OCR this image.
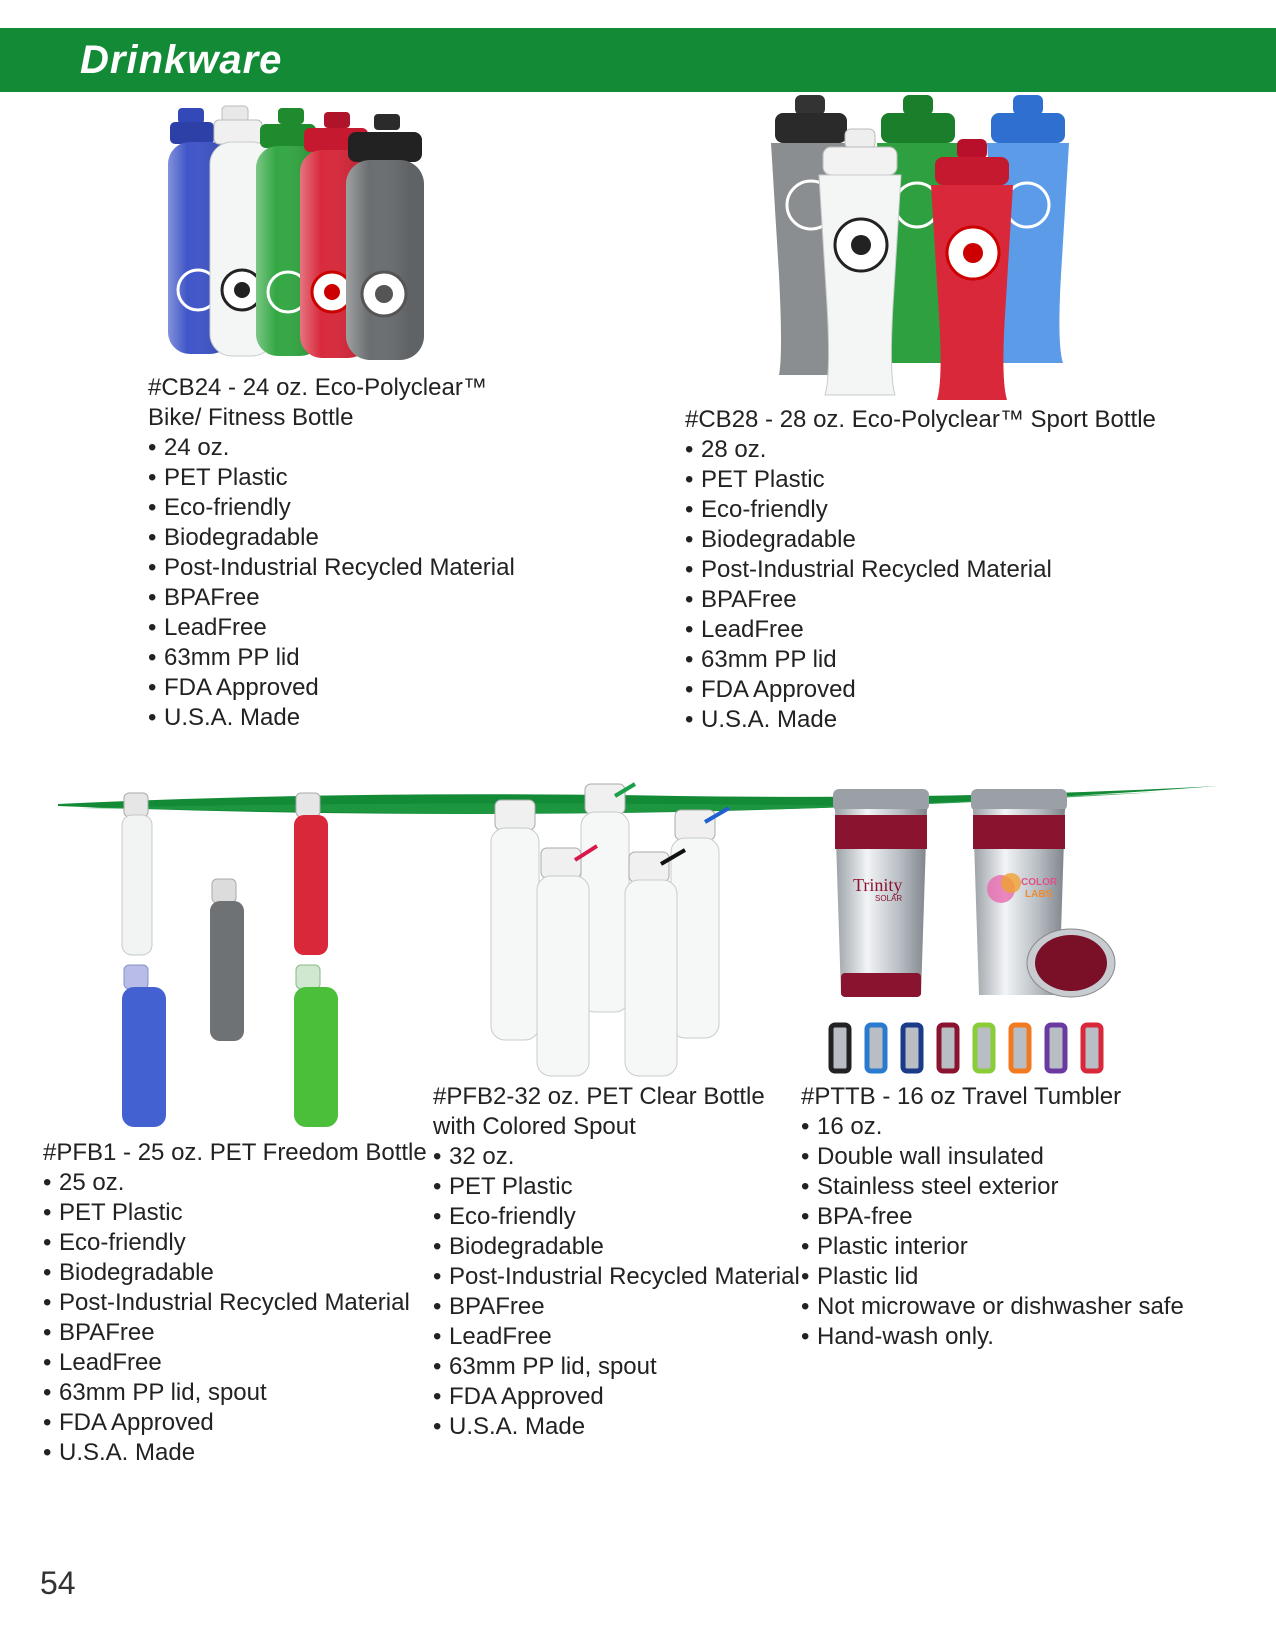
Drinkware
#CB24 - 24 oz. Eco-Polyclear™
Bike/ Fitness Bottle
• 24 oz.
• PET Plastic
• Eco-friendly
• Biodegradable
• Post-Industrial Recycled Material
• BPAFree
• LeadFree
• 63mm PP lid
• FDA Approved
• U.S.A. Made
#CB28 - 28 oz. Eco-Polyclear™ Sport Bottle
• 28 oz.
• PET Plastic
• Eco-friendly
• Biodegradable
• Post-Industrial Recycled Material
• BPAFree
• LeadFree
• 63mm PP lid
• FDA Approved
• U.S.A. Made
Trinity
SOLAR
COLOR
LABS
#PFB1 - 25 oz. PET Freedom Bottle
• 25 oz.
• PET Plastic
• Eco-friendly
• Biodegradable
• Post-Industrial Recycled Material
• BPAFree
• LeadFree
• 63mm PP lid, spout
• FDA Approved
• U.S.A. Made
#PFB2-32 oz. PET Clear Bottle
with Colored Spout
• 32 oz.
• PET Plastic
• Eco-friendly
• Biodegradable
• Post-Industrial Recycled Material
• BPAFree
• LeadFree
• 63mm PP lid, spout
• FDA Approved
• U.S.A. Made
#PTTB - 16 oz Travel Tumbler
• 16 oz.
• Double wall insulated
• Stainless steel exterior
• BPA-free
• Plastic interior
• Plastic lid
• Not microwave or dishwasher safe
• Hand-wash only.
54
